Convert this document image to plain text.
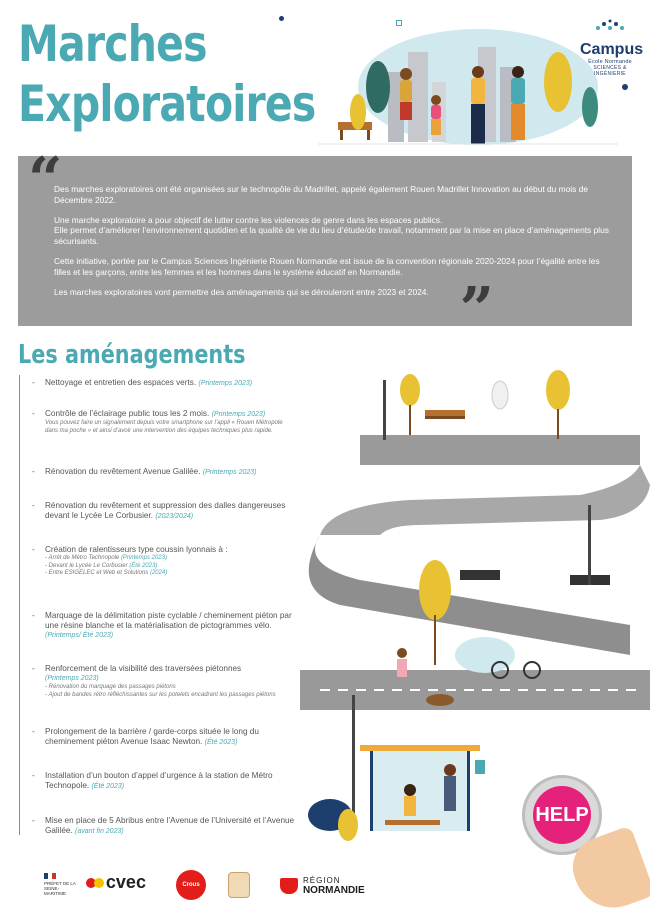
Marches
Exploratoires
Campus
École Normande
SCIENCES & INGÉNIERIE
“

Des marches exploratoires ont été organisées sur le technopôle du Madrillet, appelé également Rouen Madrillet Innovation au début du mois de Décembre 2022.

Une marche exploratoire a pour objectif de lutter contre les violences de genre dans les espaces publics.
Elle permet d’améliorer l’environnement quotidien et la qualité de vie du lieu d’étude/de travail, notamment par la mise en place d’aménagements plus sécurisants.

Cette initiative, portée par le Campus Sciences Ingénierie Rouen Normandie est issue de la convention régionale 2020-2024 pour l’égalité entre les filles et les garçons, entre les femmes et les hommes dans le système éducatif en Normandie.

Les marches exploratoires vont permettre des aménagements qui se dérouleront entre 2023 et 2024. ”
Les aménagements
- Nettoyage et entretien des espaces verts. (Printemps 2023)
- Contrôle de l’éclairage public tous les 2 mois. (Printemps 2023)
Vous pouvez faire un signalement depuis votre smartphone sur l’appli « Rouen Métropole dans ma poche » et ainsi d’avoir une intervention des équipes techniques plus rapide.
- Rénovation du revêtement Avenue Galilée. (Printemps 2023)
- Rénovation du revêtement et suppression des dalles dangereuses devant le Lycée Le Corbusier. (2023/2024)
- Création de ralentisseurs type coussin lyonnais à :
- Arrêt de Métro Technopole (Printemps 2023)
- Devant le Lycée Le Corbusier (Été 2023)
- Entre ESIGELEC et Web et Solutions (2024)
- Marquage de la délimitation piste cyclable / cheminement piéton par une résine blanche et la matérialisation de pictogrammes vélo.
(Printemps/ Été 2023)
- Renforcement de la visibilité des traversées piétonnes
(Printemps 2023)
- Rénovation du marquage des passages piétons
- Ajout de bandes rétro réfléchissantes sur les potelets encadrant les passages piétons
- Prolongement de la barrière / garde-corps située le long du cheminement piéton Avenue Isaac Newton. (Été 2023)
- Installation d’un bouton d’appel d’urgence à la station de Métro Technopole. (Été 2023)
- Mise en place de 5 Abribus entre l’Avenue de l’Université et l’Avenue Galilée. (avant fin 2023)
HELP
PRÉFET DE LA SEINE-MARITIME
cvec	Crous
	RÉGION
NORMANDIE
